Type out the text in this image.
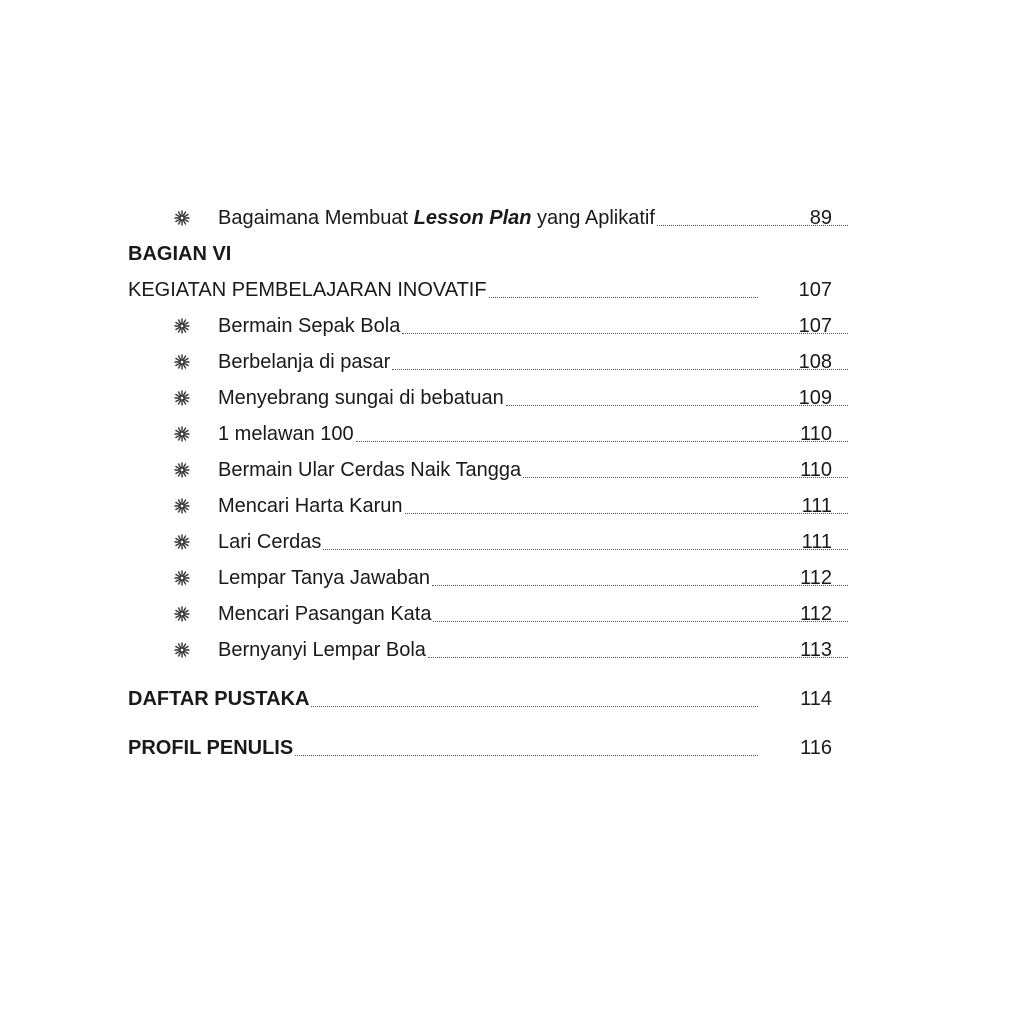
Bagaimana Membuat Lesson Plan yang Aplikatif	89
BAGIAN VI
KEGIATAN PEMBELAJARAN INOVATIF	107
Bermain Sepak Bola	107
Berbelanja di pasar	108
Menyebrang sungai di bebatuan	109
1 melawan 100	110
Bermain Ular Cerdas Naik Tangga	110
Mencari Harta Karun	111
Lari Cerdas	111
Lempar Tanya Jawaban	112
Mencari Pasangan Kata	112
Bernyanyi Lempar Bola	113
DAFTAR PUSTAKA	114
PROFIL PENULIS	116
